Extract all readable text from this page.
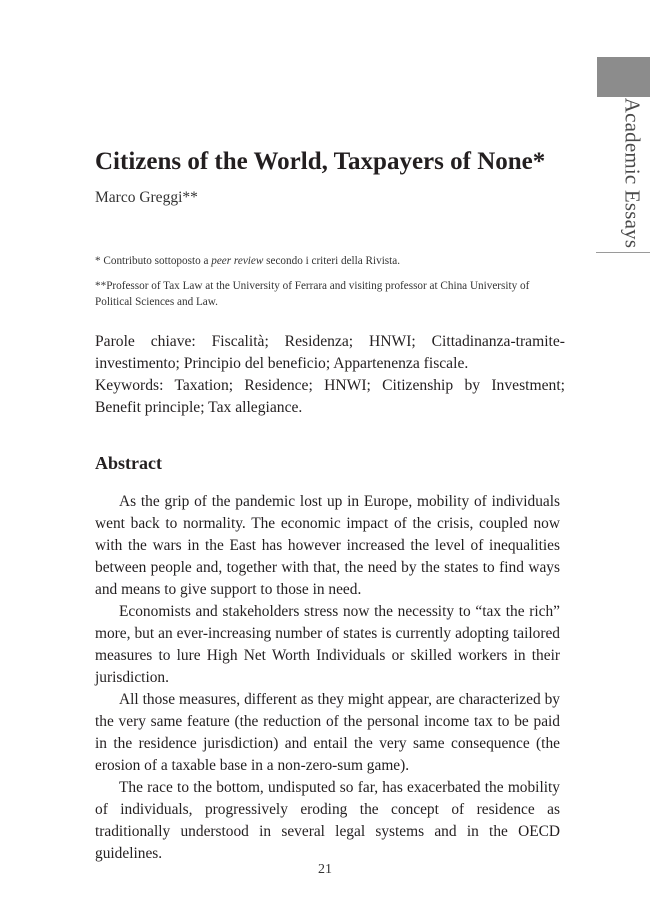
Academic Essays
Citizens of the World, Taxpayers of None*
Marco Greggi**
* Contributo sottoposto a peer review secondo i criteri della Rivista.
**Professor of Tax Law at the University of Ferrara and visiting professor at China University of Political Sciences and Law.

Parole chiave: Fiscalità; Residenza; HNWI; Cittadinanza-tramite-investimento; Principio del beneficio; Appartenenza fiscale.

Keywords: Taxation; Residence; HNWI; Citizenship by Investment; Benefit principle; Tax allegiance.

Abstract

As the grip of the pandemic lost up in Europe, mobility of individuals went back to normality. The economic impact of the crisis, coupled now with the wars in the East has however increased the level of inequalities between people and, together with that, the need by the states to find ways and means to give support to those in need.

Economists and stakeholders stress now the necessity to “tax the rich” more, but an ever-increasing number of states is currently adopting tailored measures to lure High Net Worth Individuals or skilled workers in their jurisdiction.

All those measures, different as they might appear, are characterized by the very same feature (the reduction of the personal income tax to be paid in the residence jurisdiction) and entail the very same consequence (the erosion of a taxable base in a non-zero-sum game).

The race to the bottom, undisputed so far, has exacerbated the mobility of individuals, progressively eroding the concept of residence as traditionally understood in several legal systems and in the OECD guidelines.

21
